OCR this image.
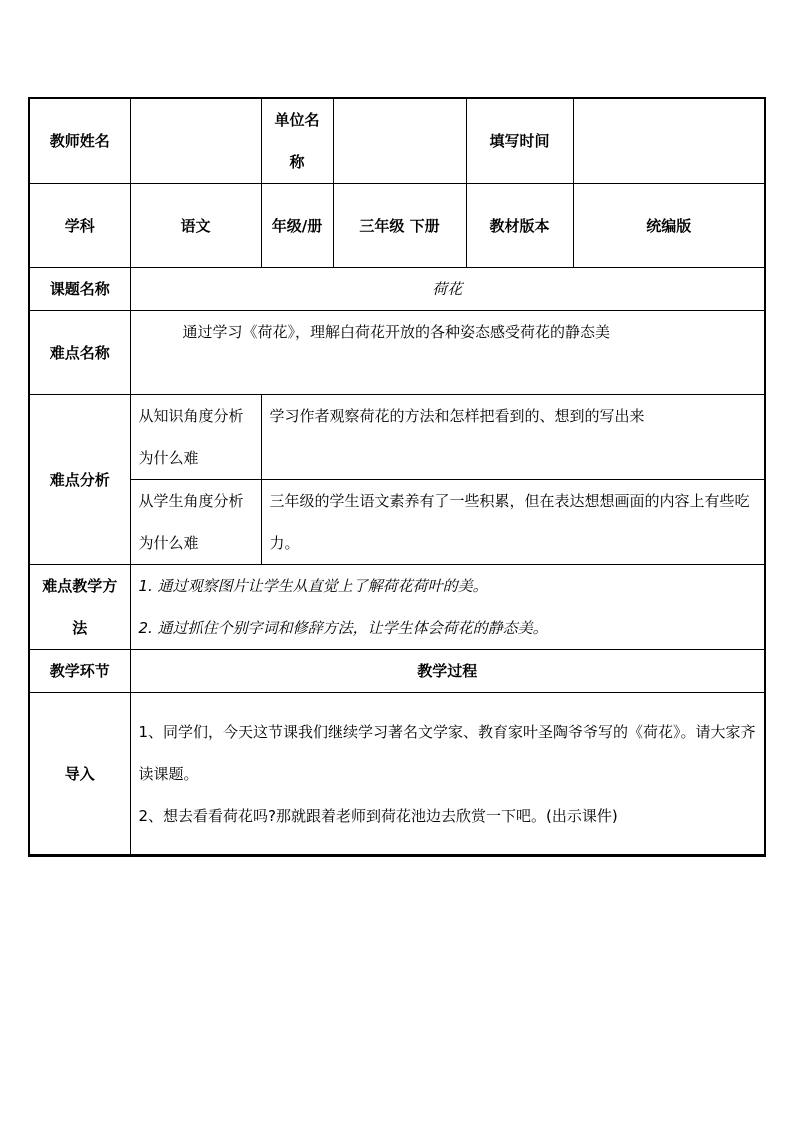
教师姓名		单位名称		填写时间	
学科	语文	年级/册	三年级 下册	教材版本	统编版
课题名称	荷花				
难点名称	通过学习《荷花》，理解白荷花开放的各种姿态感受荷花的静态美				
难点分析	从知识角度分析为什么难	学习作者观察荷花的方法和怎样把看到的、想到的写出来			
	从学生角度分析为什么难	三年级的学生语文素养有了一些积累，但在表达想想画面的内容上有些吃力。			
难点教学方法	1. 通过观察图片让学生从直觉上了解荷花荷叶的美。
2. 通过抓住个别字词和修辞方法，让学生体会荷花的静态美。				

教学环节	教学过程				
导入	1、同学们，今天这节课我们继续学习著名文学家、教育家叶圣陶爷爷写的《荷花》。请大家齐读课题。
2、想去看看荷花吗?那就跟着老师到荷花池边去欣赏一下吧。(出示课件)				
